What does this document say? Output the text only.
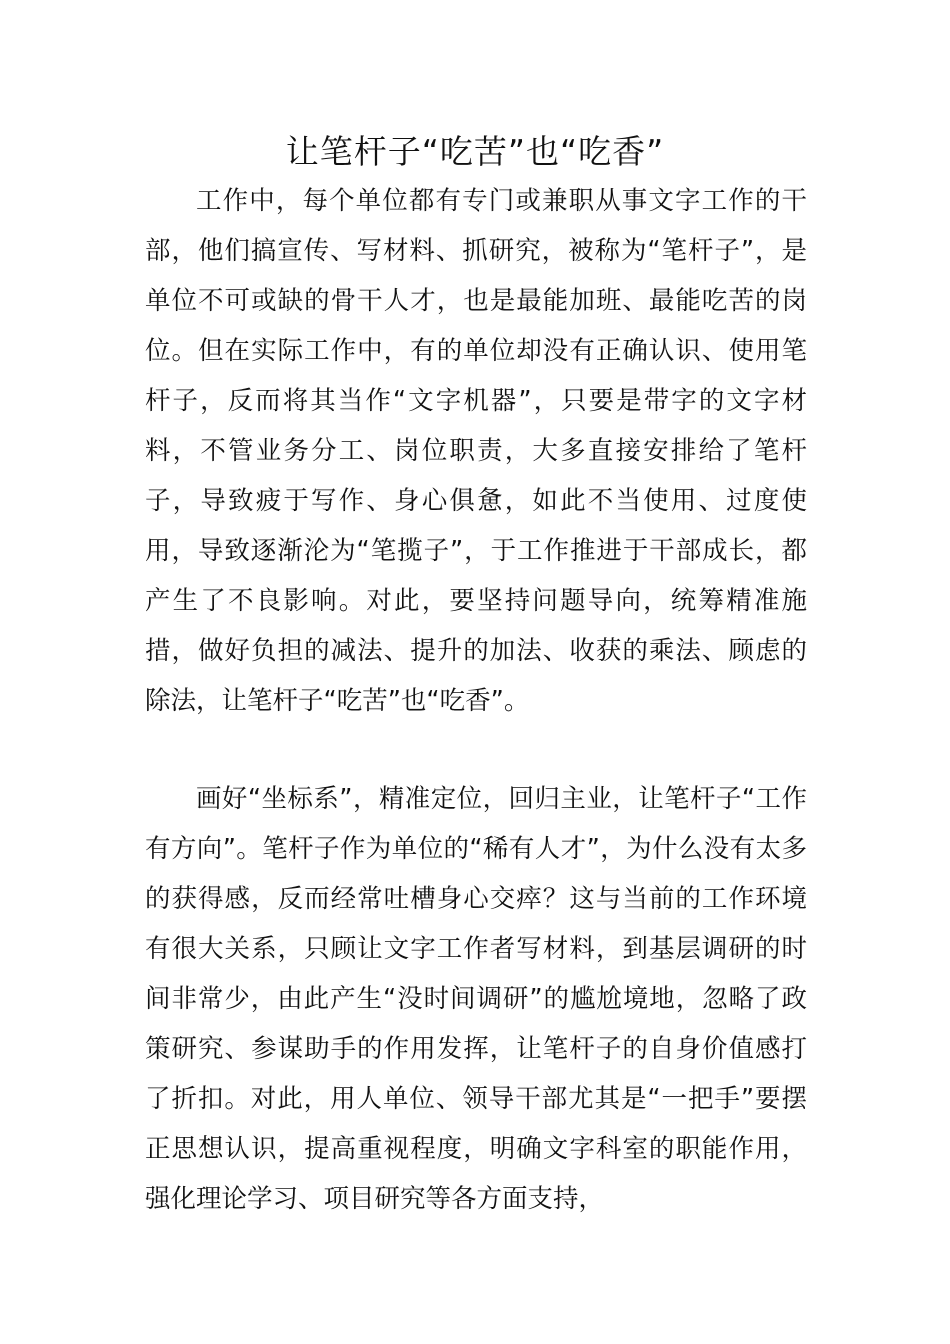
让笔杆子“吃苦”也“吃香”

工作中，每个单位都有专门或兼职从事文字工作的干部，他们搞宣传、写材料、抓研究，被称为“笔杆子”，是单位不可或缺的骨干人才，也是最能加班、最能吃苦的岗位。但在实际工作中，有的单位却没有正确认识、使用笔杆子，反而将其当作“文字机器”，只要是带字的文字材料，不管业务分工、岗位职责，大多直接安排给了笔杆子，导致疲于写作、身心俱惫，如此不当使用、过度使用，导致逐渐沦为“笔揽子”，于工作推进于干部成长，都产生了不良影响。对此，要坚持问题导向，统筹精准施措，做好负担的减法、提升的加法、收获的乘法、顾虑的除法，让笔杆子“吃苦”也“吃香”。

画好“坐标系”，精准定位，回归主业，让笔杆子“工作有方向”。笔杆子作为单位的“稀有人才”，为什么没有太多的获得感，反而经常吐槽身心交瘁？这与当前的工作环境有很大关系，只顾让文字工作者写材料，到基层调研的时间非常少，由此产生“没时间调研”的尴尬境地，忽略了政策研究、参谋助手的作用发挥，让笔杆子的自身价值感打了折扣。对此，用人单位、领导干部尤其是“一把手”要摆正思想认识，提高重视程度，明确文字科室的职能作用，强化理论学习、项目研究等各方面支持，
